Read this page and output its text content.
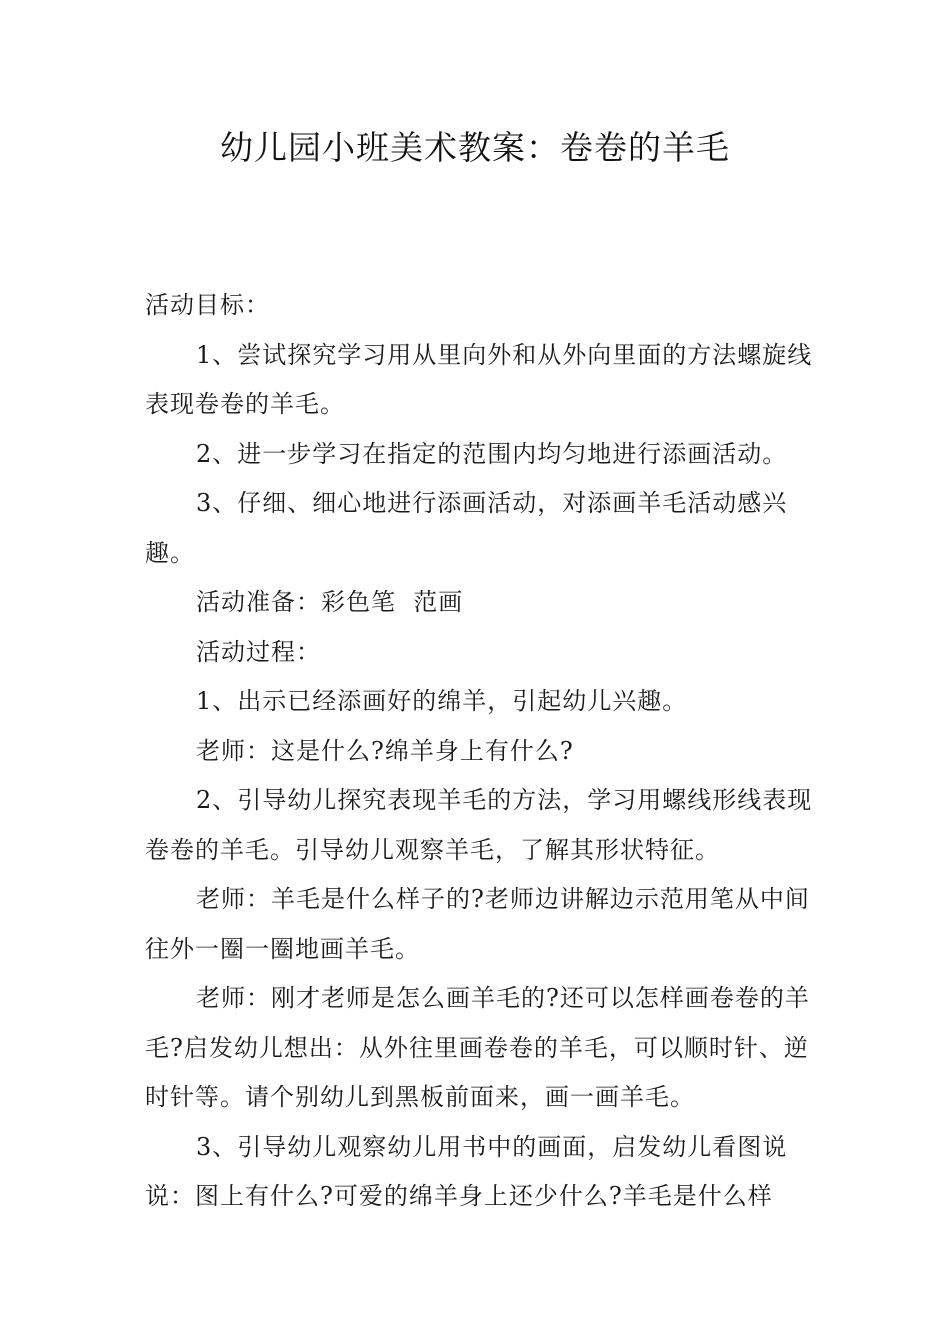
幼儿园小班美术教案：卷卷的羊毛

活动目标：

1、尝试探究学习用从里向外和从外向里面的方法螺旋线表现卷卷的羊毛。

2、进一步学习在指定的范围内均匀地进行添画活动。

3、仔细、细心地进行添画活动，对添画羊毛活动感兴趣。

活动准备：彩色笔  范画

活动过程：

1、出示已经添画好的绵羊，引起幼儿兴趣。

老师：这是什么?绵羊身上有什么?

2、引导幼儿探究表现羊毛的方法，学习用螺线形线表现卷卷的羊毛。引导幼儿观察羊毛，了解其形状特征。

老师：羊毛是什么样子的?老师边讲解边示范用笔从中间往外一圈一圈地画羊毛。

老师：刚才老师是怎么画羊毛的?还可以怎样画卷卷的羊毛?启发幼儿想出：从外往里画卷卷的羊毛，可以顺时针、逆时针等。请个别幼儿到黑板前面来，画一画羊毛。

3、引导幼儿观察幼儿用书中的画面，启发幼儿看图说说：图上有什么?可爱的绵羊身上还少什么?羊毛是什么样
